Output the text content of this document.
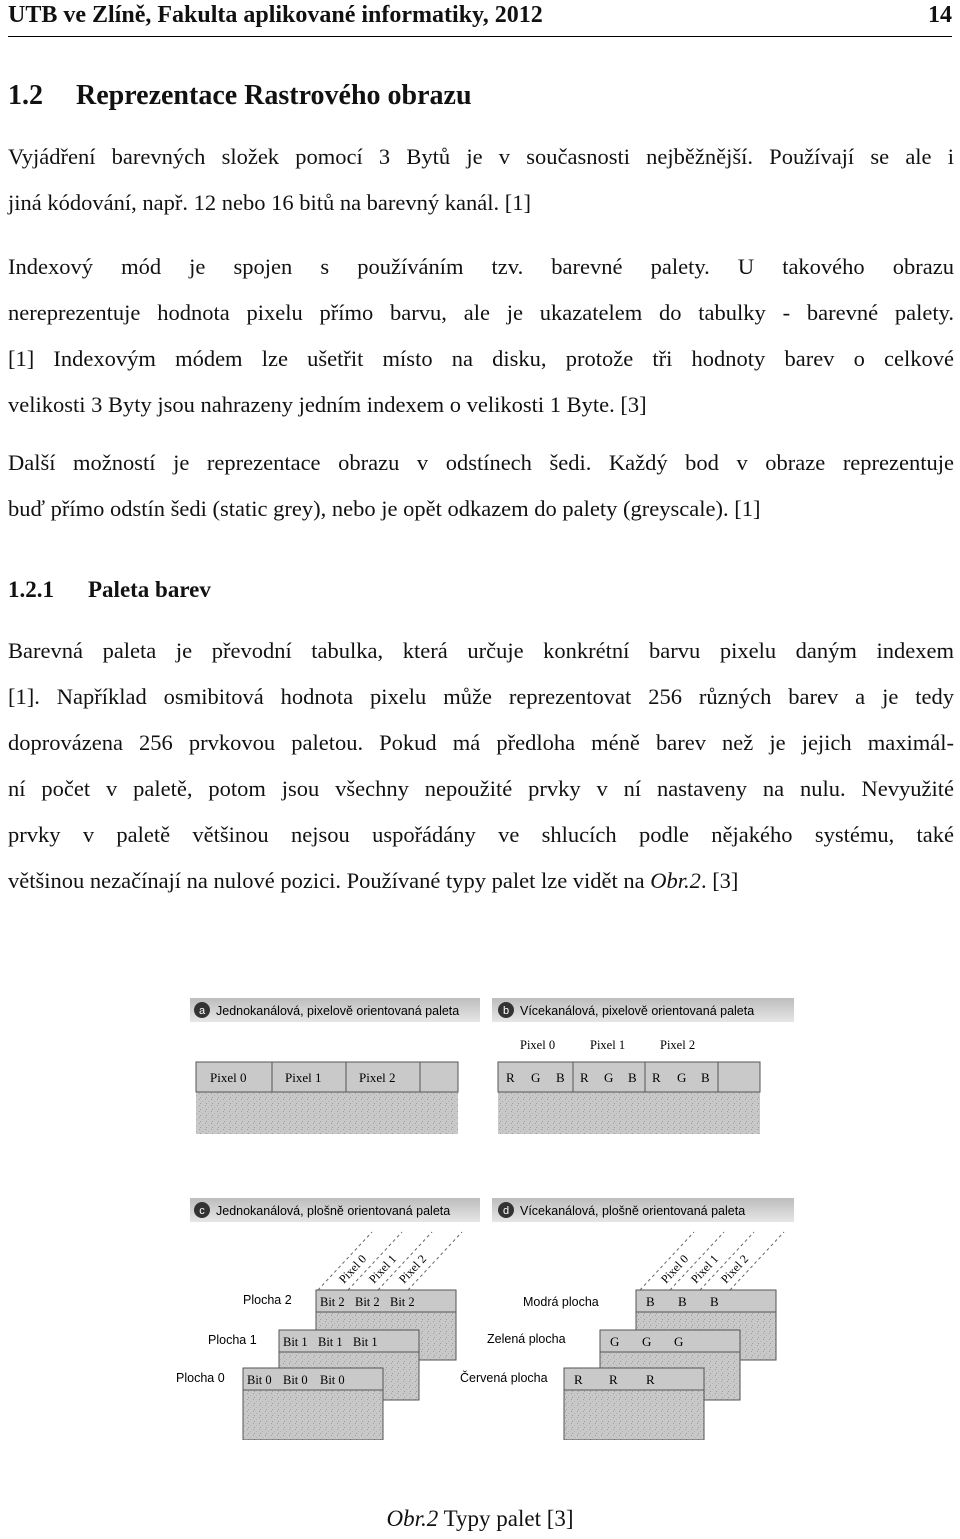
UTB ve Zlíně, Fakulta aplikované informatiky, 2012	14
1.2 Reprezentace Rastrového obrazu
Vyjádření barevných složek pomocí 3 Bytů je v současnosti nejběžnější. Používají se ale i
jiná kódování, např. 12 nebo 16 bitů na barevný kanál. [1]
Indexový mód je spojen s používáním tzv. barevné palety. U takového obrazu
nereprezentuje hodnota pixelu přímo barvu, ale je ukazatelem do tabulky - barevné palety.
[1] Indexovým módem lze ušetřit místo na disku, protože tři hodnoty barev o celkové
velikosti 3 Byty jsou nahrazeny jedním indexem o velikosti 1 Byte. [3]
Další možností je reprezentace obrazu v odstínech šedi. Každý bod v obraze reprezentuje
buď přímo odstín šedi (static grey), nebo je opět odkazem do palety (greyscale). [1]
1.2.1 Paleta barev
Barevná paleta je převodní tabulka, která určuje konkrétní barvu pixelu daným indexem
[1]. Například osmibitová hodnota pixelu může reprezentovat 256 různých barev a je tedy
doprovázena 256 prvkovou paletou. Pokud má předloha méně barev než je jejich maximál-
ní počet v paletě, potom jsou všechny nepoužité prvky v ní nastaveny na nulu. Nevyužité
prvky v paletě většinou nejsou uspořádány ve shlucích podle nějakého systému, také
většinou nezačínají na nulové pozici. Používané typy palet lze vidět na Obr.2. [3]
a Jednokanálová, pixelově orientovaná paleta
Pixel 0	Pixel 1	Pixel 2
b Vícekanálová, pixelově orientovaná paleta
Pixel 0	Pixel 1	Pixel 2
R G B R G B R G B
c Jednokanálová, plošně orientovaná paleta
Pixel 0
Pixel 1
Pixel 2
Bit 2 Bit 2 Bit 2
Bit 1 Bit 1 Bit 1
Bit 0 Bit 0 Bit 0
Plocha 2
Plocha 1
Plocha 0
d Vícekanálová, plošně orientovaná paleta
Pixel 0
Pixel 1
Pixel 2
B B B
G G G
R R R
Modrá plocha
Zelená plocha
Červená plocha
Obr.2 Typy palet [3]
